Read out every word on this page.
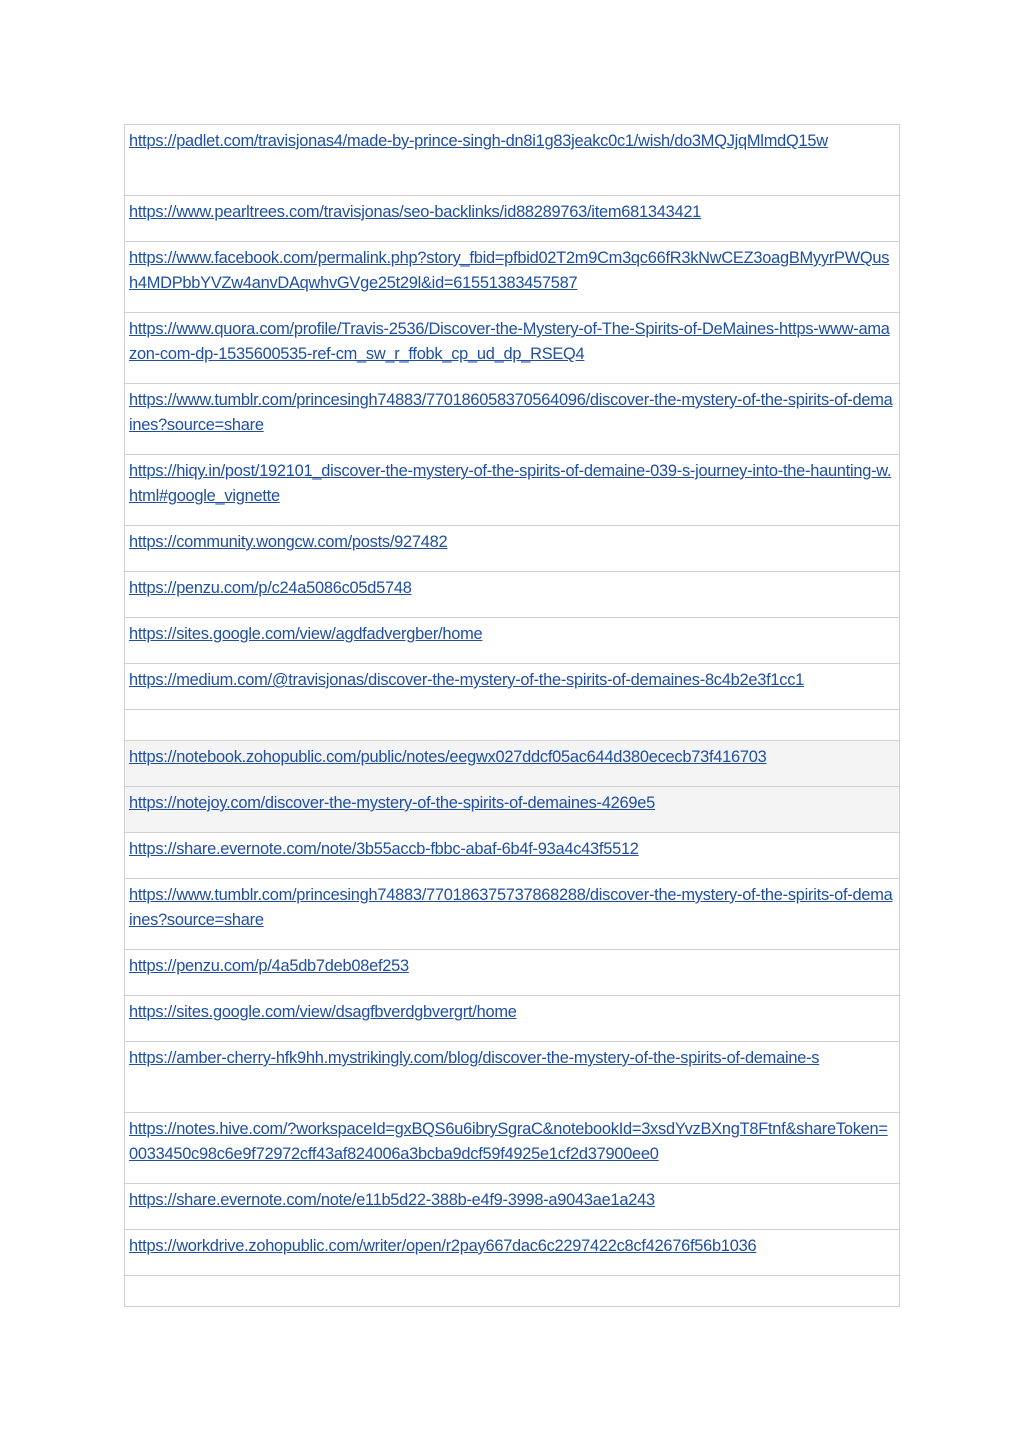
https://padlet.com/travisjonas4/made-by-prince-singh-dn8i1g83jeakc0c1/wish/do3MQJjqMlmdQ15w
https://www.pearltrees.com/travisjonas/seo-backlinks/id88289763/item681343421
https://www.facebook.com/permalink.php?story_fbid=pfbid02T2m9Cm3qc66fR3kNwCEZ3oagBMyyrPWQush4MDPbbYVZw4anvDAqwhvGVge25t29l&id=61551383457587
https://www.quora.com/profile/Travis-2536/Discover-the-Mystery-of-The-Spirits-of-DeMaines-https-www-amazon-com-dp-1535600535-ref-cm_sw_r_ffobk_cp_ud_dp_RSEQ4
https://www.tumblr.com/princesingh74883/770186058370564096/discover-the-mystery-of-the-spirits-of-demaines?source=share
https://hiqy.in/post/192101_discover-the-mystery-of-the-spirits-of-demaine-039-s-journey-into-the-haunting-w.html#google_vignette
https://community.wongcw.com/posts/927482
https://penzu.com/p/c24a5086c05d5748
https://sites.google.com/view/agdfadvergber/home
https://medium.com/@travisjonas/discover-the-mystery-of-the-spirits-of-demaines-8c4b2e3f1cc1

https://notebook.zohopublic.com/public/notes/eegwx027ddcf05ac644d380ececb73f416703
https://notejoy.com/discover-the-mystery-of-the-spirits-of-demaines-4269e5
https://share.evernote.com/note/3b55accb-fbbc-abaf-6b4f-93a4c43f5512
https://www.tumblr.com/princesingh74883/770186375737868288/discover-the-mystery-of-the-spirits-of-demaines?source=share
https://penzu.com/p/4a5db7deb08ef253
https://sites.google.com/view/dsagfbverdgbvergrt/home
https://amber-cherry-hfk9hh.mystrikingly.com/blog/discover-the-mystery-of-the-spirits-of-demaine-s
https://notes.hive.com/?workspaceId=gxBQS6u6ibrySgraC&notebookId=3xsdYvzBXngT8Ftnf&shareToken=0033450c98c6e9f72972cff43af824006a3bcba9dcf59f4925e1cf2d37900ee0
https://share.evernote.com/note/e11b5d22-388b-e4f9-3998-a9043ae1a243
https://workdrive.zohopublic.com/writer/open/r2pay667dac6c2297422c8cf42676f56b1036
